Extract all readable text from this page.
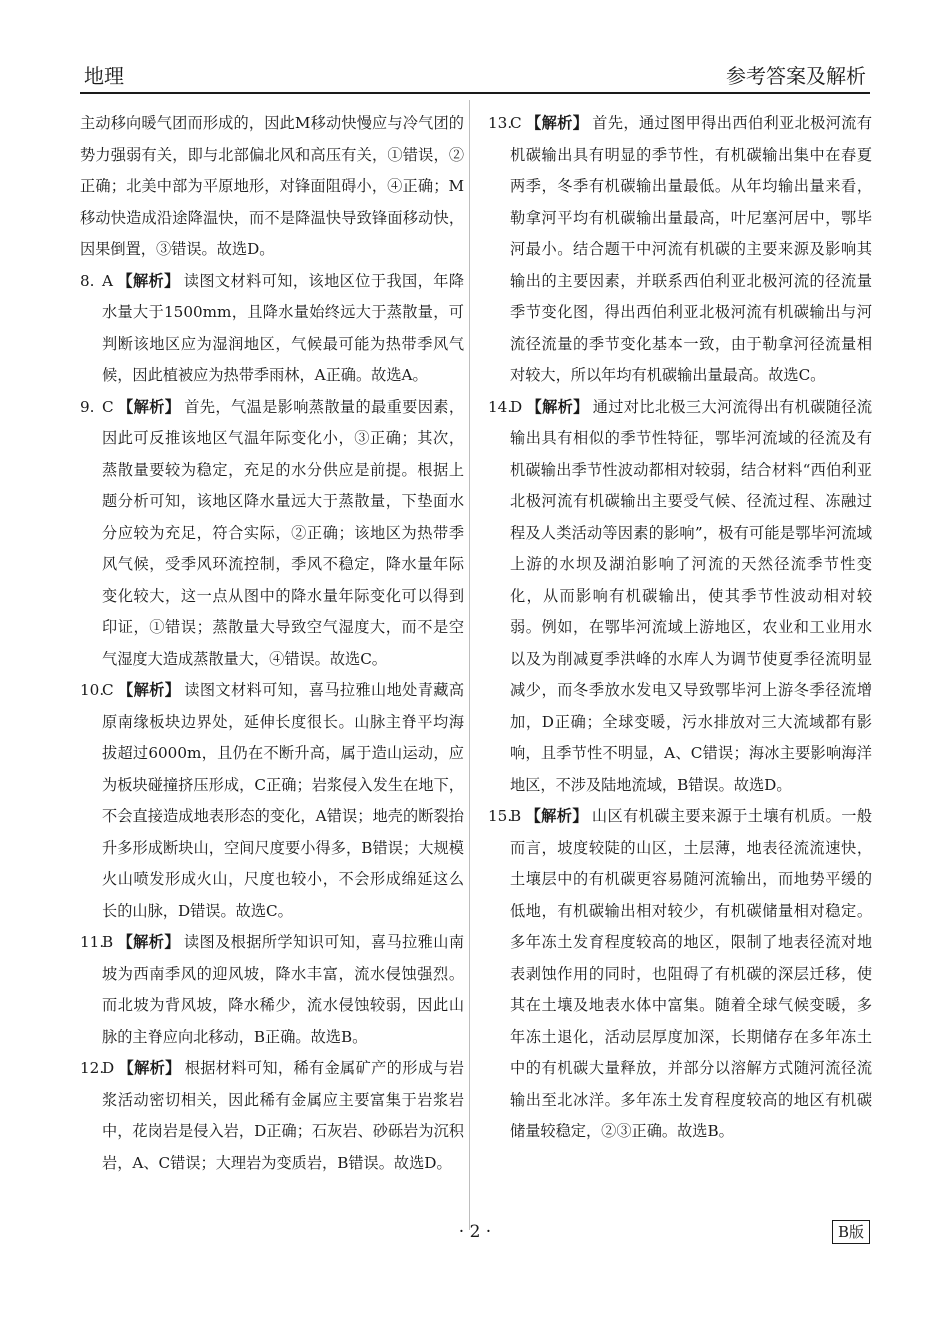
地理	参考答案及解析

主动移向暖气团而形成的，因此M移动快慢应与冷气团的势力强弱有关，即与北部偏北风和高压有关，①错误，②正确；北美中部为平原地形，对锋面阻碍小，④正确；M移动快造成沿途降温快，而不是降温快导致锋面移动快，因果倒置，③错误。故选D。

8. A 【解析】 读图文材料可知，该地区位于我国，年降水量大于1500mm，且降水量始终远大于蒸散量，可判断该地区应为湿润地区，气候最可能为热带季风气候，因此植被应为热带季雨林，A正确。故选A。

9. C 【解析】 首先，气温是影响蒸散量的最重要因素，因此可反推该地区气温年际变化小，③正确；其次，蒸散量要较为稳定，充足的水分供应是前提。根据上题分析可知，该地区降水量远大于蒸散量，下垫面水分应较为充足，符合实际，②正确；该地区为热带季风气候，受季风环流控制，季风不稳定，降水量年际变化较大，这一点从图中的降水量年际变化可以得到印证，①错误；蒸散量大导致空气湿度大，而不是空气湿度大造成蒸散量大，④错误。故选C。

10.C 【解析】 读图文材料可知，喜马拉雅山地处青藏高原南缘板块边界处，延伸长度很长。山脉主脊平均海拔超过6000m，且仍在不断升高，属于造山运动，应为板块碰撞挤压形成，C正确；岩浆侵入发生在地下，不会直接造成地表形态的变化，A错误；地壳的断裂抬升多形成断块山，空间尺度要小得多，B错误；大规模火山喷发形成火山，尺度也较小，不会形成绵延这么长的山脉，D错误。故选C。

11.B 【解析】 读图及根据所学知识可知，喜马拉雅山南坡为西南季风的迎风坡，降水丰富，流水侵蚀强烈。而北坡为背风坡，降水稀少，流水侵蚀较弱，因此山脉的主脊应向北移动，B正确。故选B。

12.D 【解析】 根据材料可知，稀有金属矿产的形成与岩浆活动密切相关，因此稀有金属应主要富集于岩浆岩中，花岗岩是侵入岩，D正确；石灰岩、砂砾岩为沉积岩，A、C错误；大理岩为变质岩，B错误。故选D。

13.C 【解析】 首先，通过图甲得出西伯利亚北极河流有机碳输出具有明显的季节性，有机碳输出集中在春夏两季，冬季有机碳输出量最低。从年均输出量来看，勒拿河平均有机碳输出量最高，叶尼塞河居中，鄂毕河最小。结合题干中河流有机碳的主要来源及影响其输出的主要因素，并联系西伯利亚北极河流的径流量季节变化图，得出西伯利亚北极河流有机碳输出与河流径流量的季节变化基本一致，由于勒拿河径流量相对较大，所以年均有机碳输出量最高。故选C。

14.D 【解析】 通过对比北极三大河流得出有机碳随径流输出具有相似的季节性特征，鄂毕河流域的径流及有机碳输出季节性波动都相对较弱，结合材料“西伯利亚北极河流有机碳输出主要受气候、径流过程、冻融过程及人类活动等因素的影响”，极有可能是鄂毕河流域上游的水坝及湖泊影响了河流的天然径流季节性变化，从而影响有机碳输出，使其季节性波动相对较弱。例如，在鄂毕河流域上游地区，农业和工业用水以及为削减夏季洪峰的水库人为调节使夏季径流明显减少，而冬季放水发电又导致鄂毕河上游冬季径流增加，D正确；全球变暖，污水排放对三大流域都有影响，且季节性不明显，A、C错误；海冰主要影响海洋地区，不涉及陆地流域，B错误。故选D。

15.B 【解析】 山区有机碳主要来源于土壤有机质。一般而言，坡度较陡的山区，土层薄，地表径流流速快，土壤层中的有机碳更容易随河流输出，而地势平缓的低地，有机碳输出相对较少，有机碳储量相对稳定。多年冻土发育程度较高的地区，限制了地表径流对地表剥蚀作用的同时，也阻碍了有机碳的深层迁移，使其在土壤及地表水体中富集。随着全球气候变暖，多年冻土退化，活动层厚度加深，长期储存在多年冻土中的有机碳大量释放，并部分以溶解方式随河流径流输出至北冰洋。多年冻土发育程度较高的地区有机碳储量较稳定，②③正确。故选B。

· 2 ·	B版
